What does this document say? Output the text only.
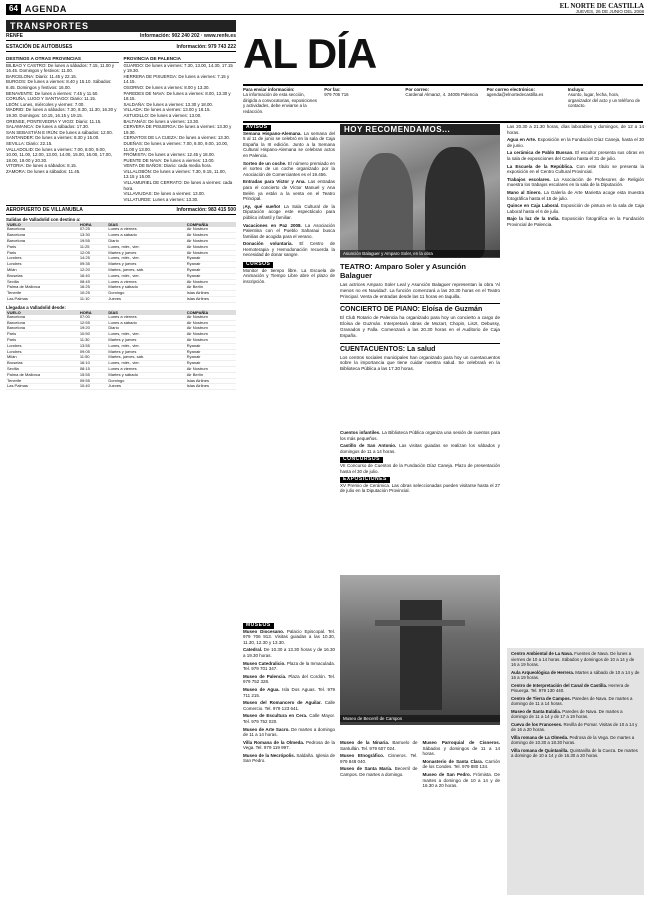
64 AGENDA	EL NORTE DE CASTILLA
JUEVES, 26 DE JUNIO DEL 2008
TRANSPORTES
RENFE	Información: 902 240 202 · www.renfe.es
ESTACIÓN DE AUTOBUSES	Información: 979 743 222
DESTINOS A OTRAS PROVINCIAS
BILBAO Y CASTRO: De lunes a sábados: 7.15, 11.00 y 16.45. Domingos y festivos: 11.00.
BARCELONA: Diario: 11.45 y 22.15.
BURGOS: De lunes a viernes: 8.40 y 15.10. Sábados: 8.45. Domingos y festivos: 16.00.
BENAVENTE: De lunes a viernes: 7.45 y 11.50.
CORUÑA, LUGO Y SANTIAGO: Diario: 11.15.
LEÓN: Lunes, miércoles y viernes: 7.00.
MADRID: De lunes a sábados: 7.30, 8.30, 11.30, 16.30 y 19.30. Domingos: 10.15, 16.15 y 19.15.
ORENSE, PONTEVEDRA Y VIGO: Diario: 11.15.
SALAMANCA: De lunes a sábados: 17.30.
SAN SEBASTIÁN E IRÚN: De lunes a sábados: 12.00.
SANTANDER: De lunes a viernes: 8.30 y 15.00.
SEVILLA: Diario: 22.15.
VALLADOLID: De lunes a viernes: 7.00, 8.00, 9.00, 10.00, 11.00, 12.00, 13.00, 14.00, 15.00, 16.00, 17.00, 18.00, 19.00 y 20.30.
VITORIA: De lunes a sábados: 8.15.
ZAMORA: De lunes a sábados: 11.45.
PROVINCIA DE PALENCIA
GUARDO: De lunes a viernes: 7.30, 13.00, 14.30, 17.15 y 19.30.
HERRERA DE PISUERGA: De lunes a viernes: 7.15 y 14.15.
OSORNO: De lunes a viernes: 8.00 y 13.30.
PAREDES DE NAVA: De lunes a viernes: 8.00, 13.30 y 18.15.
SALDAÑA: De lunes a viernes: 13.30 y 18.00.
VILLADA: De lunes a viernes: 13.00 y 18.15.
ASTUDILLO: De lunes a viernes: 13.00.
BALTANÁS: De lunes a viernes: 13.30.
CERVERA DE PISUERGA: De lunes a viernes: 13.30 y 19.30.
CERVATOS DE LA CUEZA: De lunes a viernes: 13.30.
DUEÑAS: De lunes a viernes: 7.00, 8.00, 9.00, 10.00, 11.00 y 13.00.
FRÓMISTA: De lunes a viernes: 12.45 y 18.00.
PUENTE DE NAVA: De lunes a viernes: 13.00.
VENTA DE BAÑOS: Diario: cada media hora.
VILLALOBÓN: De lunes a viernes: 7.30, 9.15, 11.00, 13.15 y 15.00.
VILLAMURIEL DE CERRATO: De lunes a viernes: cada hora.
VILLAVIUDAS: De lunes a viernes: 13.00.
VILLATURDE: Lunes a viernes: 13.30.
AEROPUERTO DE VILLANUBLA	Información: 983 415 500
Salidas de Valladolid con destino a:
VUELO	HORA	DÍAS	COMPAÑÍA
Barcelona	07:25	Lunes a viernes	Air Nostrum
Barcelona	13:30	Lunes a sábado	Air Nostrum
Barcelona	19:55	Diario	Air Nostrum
Paris	11:25	Lunes, miér., vier.	Air Nostrum
Paris	12:05	Martes y jueves	Air Nostrum
Londres	14:25	Lunes, miér., vier.	Ryanair
Londres	09:35	Martes y jueves	Ryanair
Milán	12:20	Martes, jueves, sáb.	Ryanair
Bruselas	16:40	Lunes, miér., vier.	Ryanair
Sevilla	08:45	Lunes a viernes	Air Nostrum
Palma de Mallorca	16:25	Martes y sábado	Air Berlín
Tenerife	10:25	Domingo	Islas Airlines
Las Palmas	11:10	Jueves	Islas Airlines
Llegadas a Valladolid desde:
VUELO	HORA	DÍAS	COMPAÑÍA
Barcelona	07:00	Lunes a viernes	Air Nostrum
Barcelona	12:55	Lunes a sábado	Air Nostrum
Barcelona	19:20	Diario	Air Nostrum
Paris	10:50	Lunes, miér., vier.	Air Nostrum
Paris	11:30	Martes y jueves	Air Nostrum
Londres	13:55	Lunes, miér., vier.	Ryanair
Londres	09:05	Martes y jueves	Ryanair
Milán	11:50	Martes, jueves, sáb.	Ryanair
Bruselas	16:10	Lunes, miér., vier.	Ryanair
Sevilla	08:15	Lunes a viernes	Air Nostrum
Palma de Mallorca	15:55	Martes y sábado	Air Berlín
Tenerife	09:55	Domingo	Islas Airlines
Las Palmas	10:40	Jueves	Islas Airlines
AL DÍA
Para enviar información:
La información de esta sección, dirigida a convocatorias, exposiciones y actividades, debe enviarse a la redacción.
Por fax:
979 706 716
Por correo:
Cardenal Almaraz, 4. 34005 Palencia
Por correo electrónico:
agenda@elnortedecastilla.es
Incluya:
Asunto, lugar, fecha, hora, organizador del acto y un teléfono de contacto.
AVISOS

Semana Hispano-Alemana. La semana del 5 al 11 de junio se celebró en la sala de Caja España la III edición. Junto a la Semana Cultural Hispano-Alemana se celebran actos en Palencia.

Sorteo de un coche. El número premiado en el sorteo de un coche organizado por la Asociación de Comerciantes es el 19.456.

Entradas para Víctor y Ana. Las entradas para el concierto de Víctor Manuel y Ana Belén ya están a la venta en el Teatro Principal.

¡Ay, qué sueño! La Sala Cultural de la Diputación acoge este espectáculo para público infantil y familiar.

Vacaciones en Paz 2008. La Asociación Palentina con el Pueblo Saharaui busca familias de acogida para el verano.

Donación voluntaria. El Centro de Hemoterapia y Hemodonación recuerda la necesidad de donar sangre.

CURSOS

Monitor de tiempo libre. La Escuela de Animación y Tiempo Libre abre el plazo de inscripción.

HOY RECOMENDAMOS...
Asunción Balaguer y Amparo Soler, en la obra
TEATRO: Amparo Soler y Asunción Balaguer

Las actrices Amparo Soler Leal y Asunción Balaguer representan la obra 'Al menos no es Navidad'. La función comenzará a las 20.30 horas en el Teatro Principal. Venta de entradas desde las 11 horas en taquilla.

CONCIERTO DE PIANO: Eloísa de Guzmán

El Club Rotario de Palencia ha organizado para hoy un concierto a cargo de Eloísa de Guzmán. Interpretará obras de Mozart, Chopin, Liszt, Debussy, Granados y Falla. Comenzará a las 20.30 horas en el Auditorio de Caja España.

CUENTACUENTOS: La salud

Los centros sociales municipales han organizado para hoy un cuentacuentos sobre la importancia que tiene cuidar nuestra salud. Se celebrará en la Biblioteca Pública a las 17.30 horas.

Cuentos infantiles. La Biblioteca Pública organiza una sesión de cuentos para los más pequeños.

Castillo de San Antonio. Las visitas guiadas se realizan los sábados y domingos de 11 a 14 horas.

CONCURSOS

VII Concurso de Cuentos de la Fundación Díaz Caneja. Plazo de presentación hasta el 30 de julio.

EXPOSICIONES

XV Premio de Cerámica. Las obras seleccionadas pueden visitarse hasta el 27 de julio en la Diputación Provincial.

Las 20.30 a 21.30 horas, días laborables y domingos, de 12 a 14 horas.

Agua en Arte. Exposición en la Fundación Díaz Caneja, hasta el 30 de junio.

La cerámica de Pablo Bussan. El escultor presenta sus obras en la sala de exposiciones del Casino hasta el 31 de julio.

La Escuela de la República. Con este título se presenta la exposición en el Centro Cultural Provincial.

Trabajos escolares. La Asociación de Profesores de Religión muestra los trabajos escolares en la sala de la Diputación.

Mano al Sinero. La Galería de Arte Marietta acoge esta muestra fotográfica hasta el 15 de julio.

Quince en Caja Laboral. Exposición de pintura en la sala de Caja Laboral hasta el 6 de julio.

Bajo la luz de la India. Exposición fotográfica en la Fundación Provincial de Palencia.

MUSEOS

Museo Diocesano. Palacio Episcopal. Tel. 979 706 913. Visitas guiadas a las 10.30, 11.30, 12.30 y 13.30.

Catedral. De 10.30 a 13.30 horas y de 16.30 a 19.30 horas.

Museo Catedralicio. Plaza de la Inmaculada. Tel. 979 701 347.

Museo de Palencia. Plaza del Cordón. Tel. 979 752 328.

Museo de Agua. Isla Dos Aguas. Tel. 979 711 215.

Museo del Romancero de Aguilar. Calle Comercio. Tel. 979 123 641.

Museo de Escultura en Cera. Calle Mayor. Tel. 979 752 020.

Museo de Arte Sacro. De martes a domingo de 11 a 14 horas.

Villa Romana de la Olmeda. Pedrosa de la Vega. Tel. 979 119 997.

Museo de la Necrópolis. Saldaña. Iglesia de San Pedro.

Museo de Becerril de Campos

Museo de la Ninaria. Barruelo de Santullán. Tel. 979 607 024.

Museo Etnográfico. Cisneros. Tel. 979 848 040.

Museo de Santa María. Becerril de Campos. De martes a domingo.

Museo Parroquial de Cisneros. Sábados y domingos de 11 a 14 horas.

Monasterio de Santa Clara. Carrión de los Condes. Tel. 979 880 134.

Museo de San Pedro. Frómista. De martes a domingo de 10 a 14 y de 16.30 a 20 horas.

Centro Ambiental de La Nava. Fuentes de Nava. De lunes a viernes de 10 a 14 horas. Sábados y domingos de 10 a 14 y de 16 a 19 horas.

Aula Arqueológica de Herrera. Martes a sábado de 10 a 14 y de 16 a 19 horas.

Centro de Interpretación del Canal de Castilla. Herrera de Pisuerga. Tel. 979 130 440.

Centro de Tierra de Campos. Paredes de Nava. De martes a domingo de 11 a 14 horas.

Museo de Santa Eulalia. Paredes de Nava. De martes a domingo de 11 a 14 y de 17 a 19 horas.

Cueva de los Franceses. Revilla de Pomar. Visitas de 10 a 14 y de 16 a 20 horas.

Villa romana de La Olmeda. Pedrosa de la Vega. De martes a domingo de 10.30 a 18.30 horas.

Villa romana de Quintanilla. Quintanilla de la Cueza. De martes a domingo de 10 a 14 y de 16.30 a 20 horas.
